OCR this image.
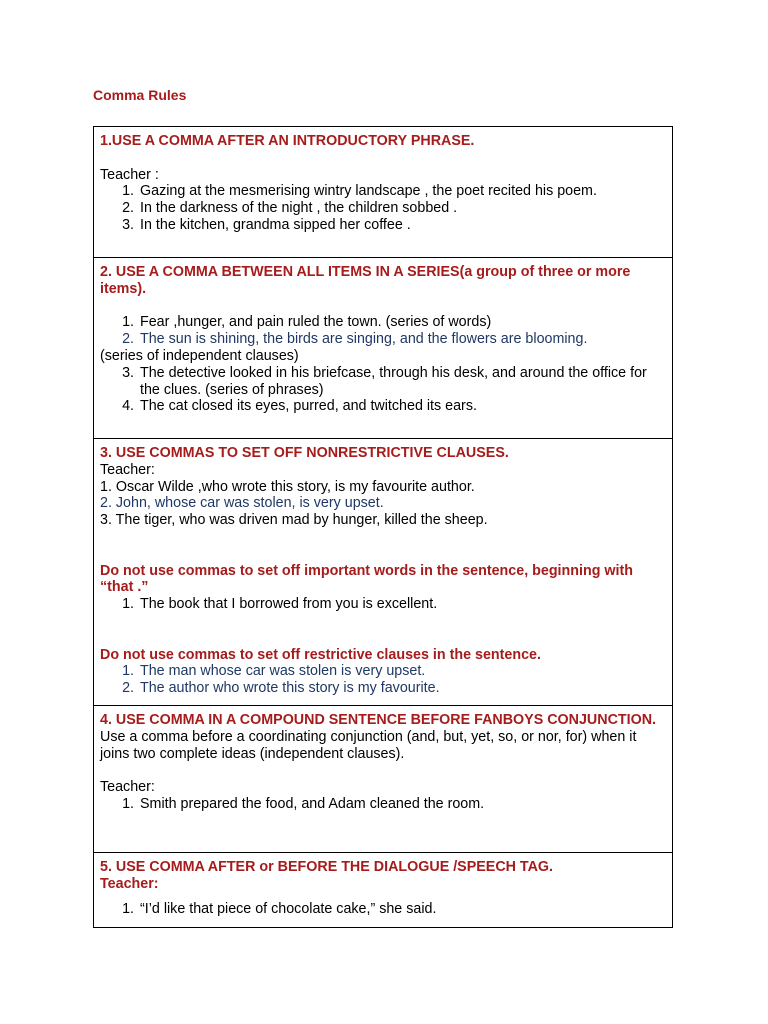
Comma Rules

1.USE A COMMA AFTER AN INTRODUCTORY PHRASE.

Teacher :

1. Gazing at the mesmerising wintry landscape , the poet recited his poem.
2. In the darkness of the night , the children sobbed .
3. In the kitchen, grandma sipped her coffee .

2. USE A COMMA BETWEEN ALL ITEMS IN A SERIES(a group of three or more items).

1. Fear ,hunger, and pain ruled the town. (series of words)
2. The sun is shining, the birds are singing, and the flowers are blooming.

(series of independent clauses)

3. The detective looked in his briefcase, through his desk, and around the office for the clues. (series of phrases)
4. The cat closed its eyes, purred, and twitched its ears.

3. USE COMMAS TO SET OFF NONRESTRICTIVE CLAUSES.

Teacher:

1. Oscar Wilde ,who wrote this story, is my favourite author.

2. John, whose car was stolen, is very upset.

3. The tiger, who was driven mad by hunger, killed the sheep.

Do not use commas to set off important words in the sentence, beginning with “that .”

1. The book that I borrowed from you is excellent.

Do not use commas to set off restrictive clauses in the sentence.

1. The man whose car was stolen is very upset.
2. The author who wrote this story is my favourite.

4. USE COMMA IN A COMPOUND SENTENCE BEFORE FANBOYS CONJUNCTION.

Use a comma before a coordinating conjunction (and, but, yet, so, or nor, for) when it joins two complete ideas (independent clauses).

Teacher:

1. Smith prepared the food, and Adam cleaned the room.

5. USE COMMA AFTER or BEFORE THE DIALOGUE /SPEECH TAG.

Teacher:

1. “I’d like that piece of chocolate cake,” she said.
